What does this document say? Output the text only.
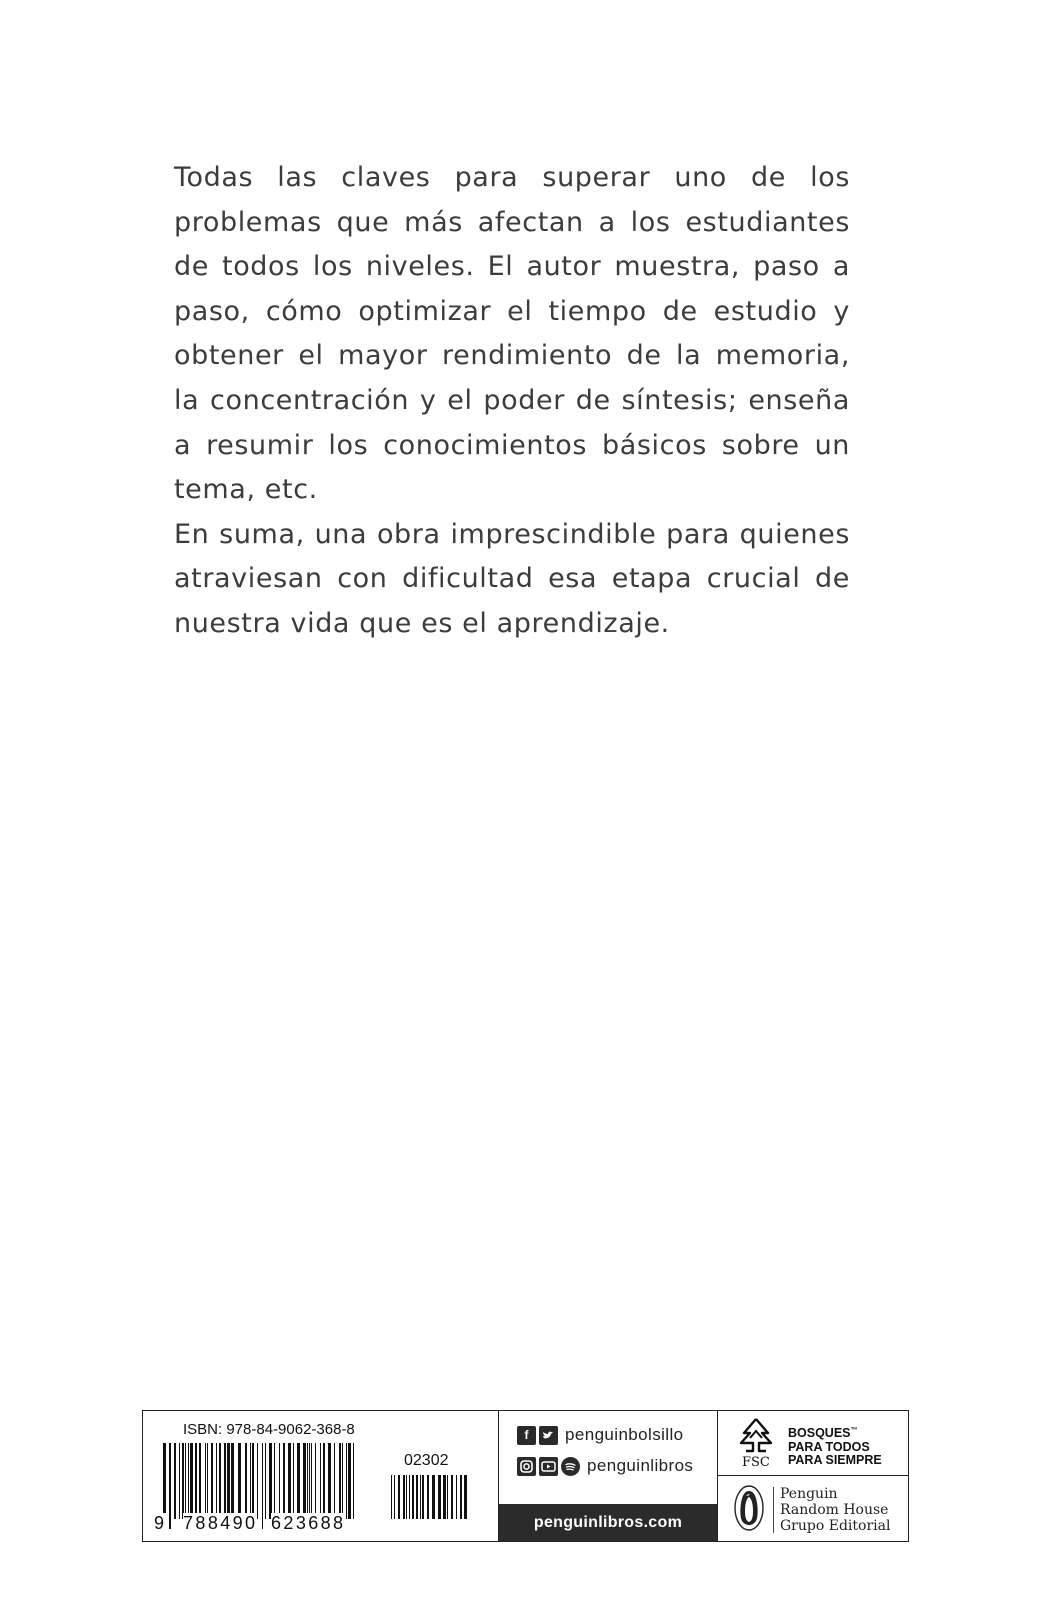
Todas las claves para superar uno de los problemas que más afectan a los estudiantes de todos los niveles. El autor muestra, paso a paso, cómo optimizar el tiempo de estudio y obtener el mayor rendimiento de la memoria, la concentración y el poder de síntesis; enseña a resumir los conocimientos básicos sobre un tema, etc.

En suma, una obra imprescindible para quienes atraviesan con dificultad esa etapa crucial de nuestra vida que es el aprendizaje.

ISBN: 978-84-9062-368-8
02302
9 788490 623688
f	penguinbolsillo
penguinlibros
penguinlibros.com
FSC
BOSQUES™
PARA TODOS
PARA SIEMPRE
Penguin
Random House
Grupo Editorial
